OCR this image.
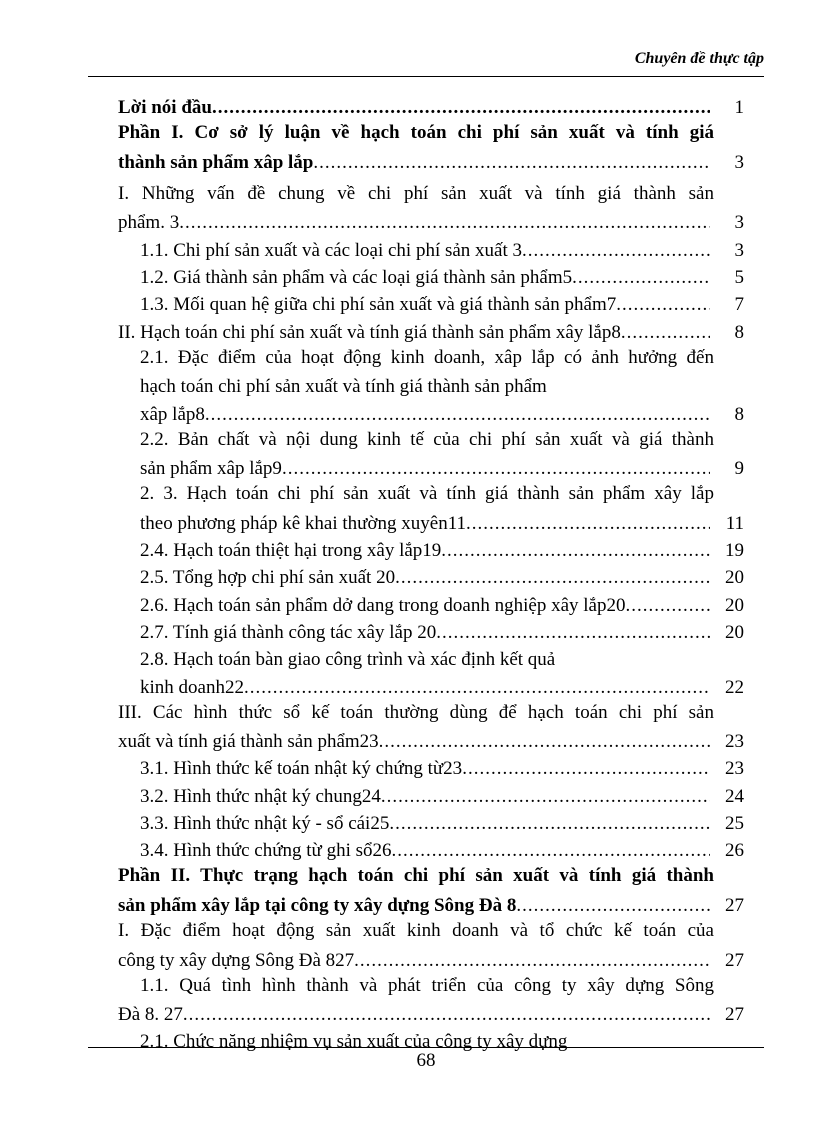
Chuyên đề thực tập
Lời nói đầu .....	1
Phần I. Cơ sở lý luận về hạch toán chi phí sản xuất và tính giá
thành sản phẩm xâp lắp .....	3
I. Những vấn đề chung về chi phí sản xuất và tính giá thành sản
phẩm. 3 .....	3
1.1. Chi phí sản xuất và các loại chi phí sản xuất 3 .....	3
1.2. Giá thành sản phẩm và các loại giá thành sản phẩm5 .....	5
1.3. Mối quan hệ giữa chi phí sản xuất và giá thành sản phẩm7 .....	7
II. Hạch toán chi phí sản xuất và tính giá thành sản phẩm xây lắp8 .....	8
2.1. Đặc điểm của hoạt động kinh doanh, xâp lắp có ảnh hưởng đến
hạch toán chi phí sản xuất và tính giá thành sản phẩm
xâp lắp8 .....	8
2.2. Bản chất và nội dung kinh tế của chi phí sản xuất và giá thành
sản phẩm xâp lắp9 .....	9
2. 3. Hạch toán chi phí sản xuất và tính giá thành sản phẩm xây lắp
theo phương pháp kê khai thường xuyên11 .....	11
2.4. Hạch toán thiệt hại trong xây lắp19 .....	19
2.5. Tổng hợp chi phí sản xuất 20 .....	20
2.6. Hạch toán sản phẩm dở dang trong doanh nghiệp xây lắp20 .....	20
2.7. Tính giá thành công tác xây lắp 20 .....	20
2.8. Hạch toán bàn giao công trình và xác định kết quả
kinh doanh22 .....	22
III. Các hình thức sổ kế toán thường dùng để hạch toán chi phí sản
xuất và tính giá thành sản phẩm23 .....	23
3.1. Hình thức kế toán nhật ký chứng từ23 .....	23
3.2. Hình thức nhật ký chung24 .....	24
3.3. Hình thức nhật ký - sổ cái25 .....	25
3.4. Hình thức chứng từ ghi sổ26 .....	26
Phần II. Thực trạng hạch toán chi phí sản xuất và tính giá thành
sản phẩm xây lắp tại công ty xây dựng Sông Đà 8 .....	27
I. Đặc điểm hoạt động sản xuất kinh doanh và tổ chức kế toán của
công ty xây dựng Sông Đà 827 .....	27
1.1. Quá tình hình thành và phát triển của công ty xây dựng Sông
Đà 8. 27 .....	27
2.1. Chức năng nhiệm vụ sản xuất của công ty xây dựng
68
